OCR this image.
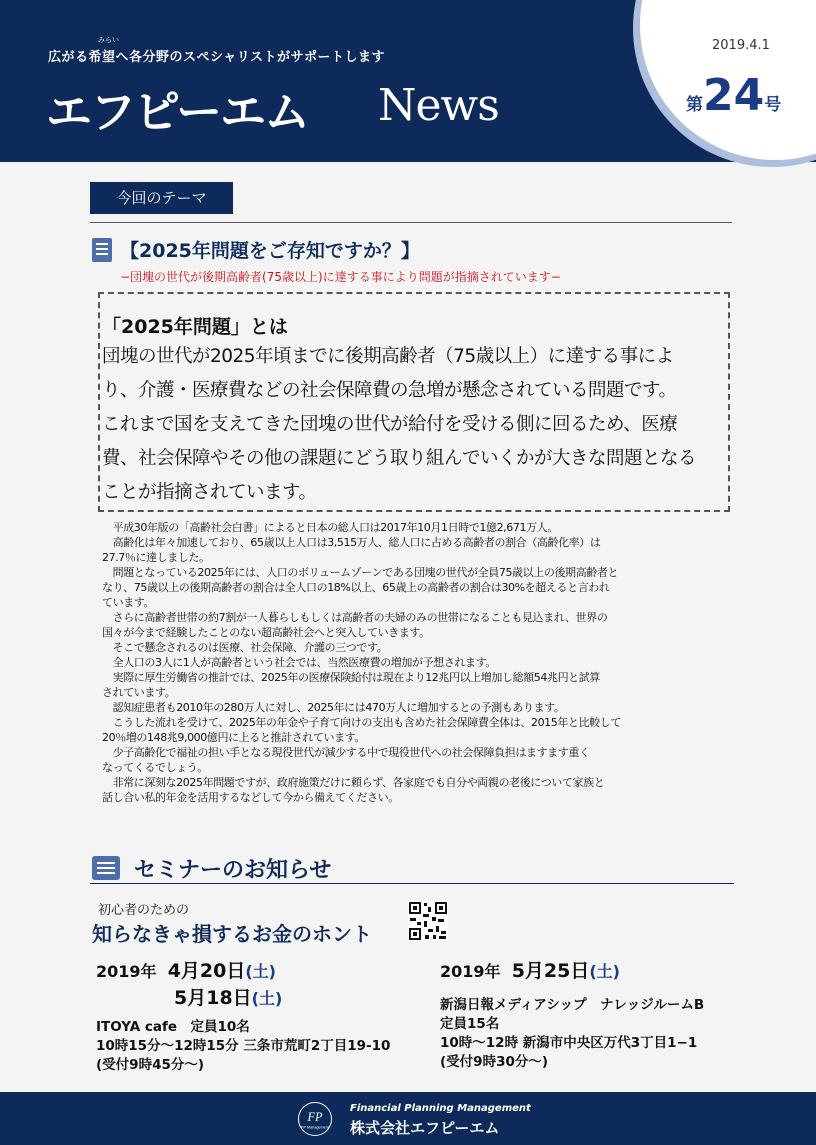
みらい
広がる希望へ各分野のスペシャリストがサポートします
エフピーエム News
2019.4.1
第24号
今回のテーマ
【2025年問題をご存知ですか？】
−団塊の世代が後期高齢者(75歳以上)に達する事により問題が指摘されています−
「2025年問題」とは

団塊の世代が2025年頃までに後期高齢者（75歳以上）に達する事によ

り、介護・医療費などの社会保障費の急増が懸念されている問題です。

これまで国を支えてきた団塊の世代が給付を受ける側に回るため、医療

費、社会保障やその他の課題にどう取り組んでいくかが大きな問題となる

ことが指摘されています。

　平成30年版の「高齢社会白書」によると日本の総人口は2017年10月1日時で1億2,671万人。

　高齢化は年々加速しており、65歳以上人口は3,515万人、総人口に占める高齢者の割合（高齢化率）は

27.7％に達しました。

　問題となっている2025年には、人口のボリュームゾーンである団塊の世代が全員75歳以上の後期高齢者と

なり、75歳以上の後期高齢者の割合は全人口の18%以上、65歳上の高齢者の割合は30%を超えると言われ

ています。

　さらに高齢者世帯の約7割が一人暮らしもしくは高齢者の夫婦のみの世帯になることも見込まれ、世界の

国々が今まで経験したことのない超高齢社会へと突入していきます。

　そこで懸念されるのは医療、社会保障、介護の三つです。

　全人口の3人に1人が高齢者という社会では、当然医療費の増加が予想されます。

　実際に厚生労働省の推計では、2025年の医療保険給付は現在より12兆円以上増加し総額54兆円と試算

されています。

　認知症患者も2010年の280万人に対し、2025年には470万人に増加するとの予測もあります。

　こうした流れを受けて、2025年の年金や子育て向けの支出も含めた社会保障費全体は、2015年と比較して

20％増の148兆9,000億円に上ると推計されています。

　少子高齢化で福祉の担い手となる現役世代が減少する中で現役世代への社会保障負担はますます重く

なってくるでしょう。

　非常に深刻な2025年問題ですが、政府施策だけに頼らず、各家庭でも自分や両親の老後について家族と

話し合い私的年金を活用するなどして今から備えてください。

セミナーのお知らせ
初心者のための
知らなきゃ損するお金のホント
2019年 4月20日(土)
5月18日(土)
ITOYA cafe　定員10名
10時15分〜12時15分 三条市荒町2丁目19-10
(受付9時45分〜)
2019年 5月25日(土)
新潟日報メディアシップ　ナレッジルームB
定員15名
10時〜12時 新潟市中央区万代3丁目1−1
(受付9時30分〜)
FP
FP Management
Financial Planning Management
株式会社エフピーエム
